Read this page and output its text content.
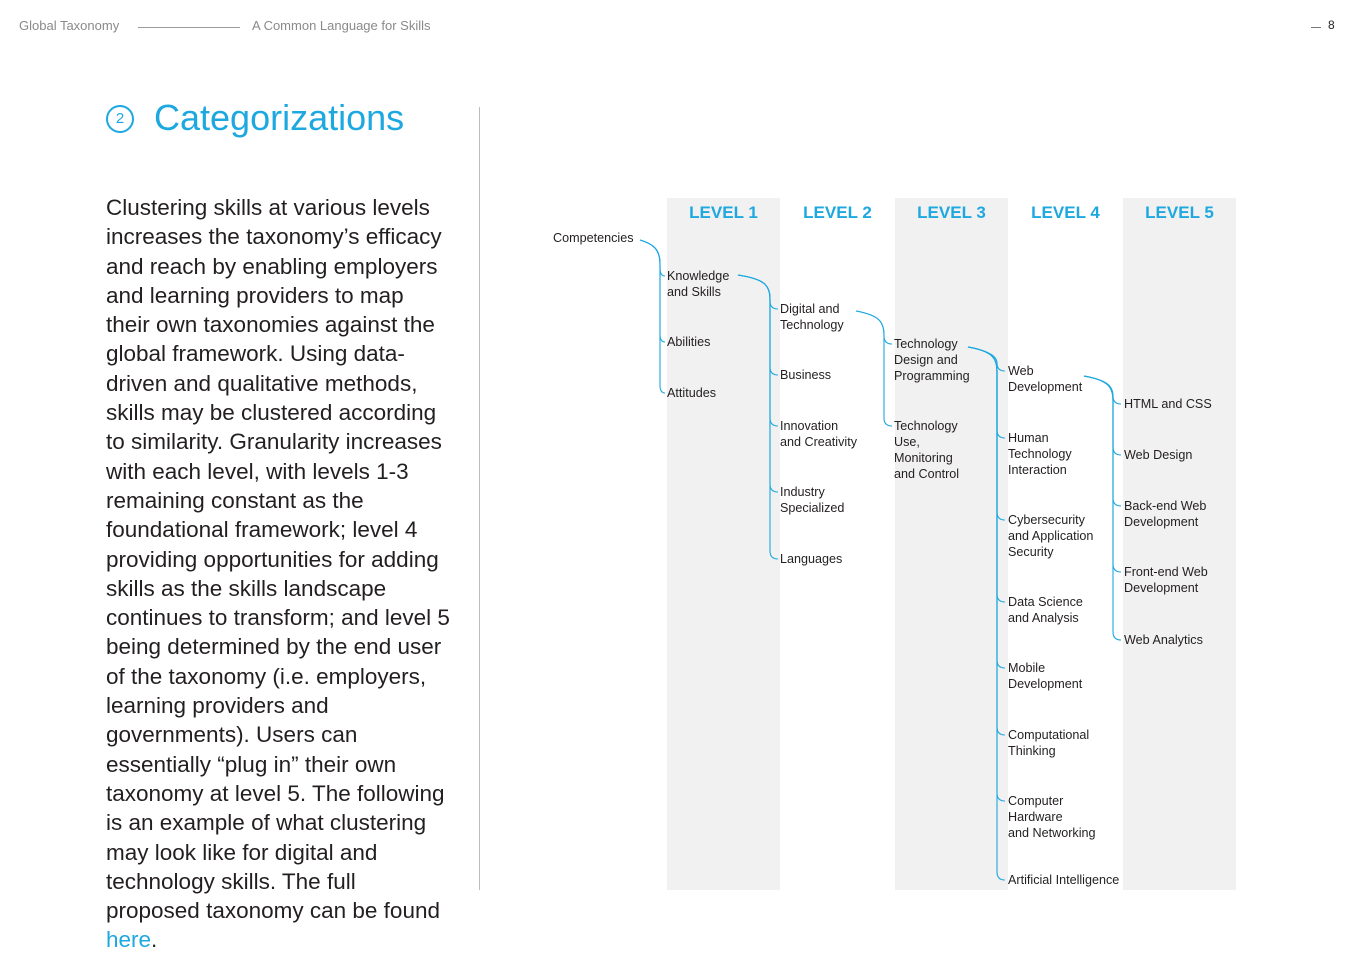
Global Taxonomy	A Common Language for Skills	8
2 Categorizations

Clustering skills at various levels increases the taxonomy’s efficacy and reach by enabling employers and learning providers to map their own taxonomies against the global framework. Using data-driven and qualitative methods, skills may be clustered according to similarity. Granularity increases with each level, with levels 1-3 remaining constant as the foundational framework; level 4 providing opportunities for adding skills as the skills landscape continues to transform; and level 5 being determined by the end user of the taxonomy (i.e. employers, learning providers and governments). Users can essentially “plug in” their own taxonomy at level 5. The following is an example of what clustering may look like for digital and technology skills. The full proposed taxonomy can be found here.

LEVEL 1	LEVEL 2	LEVEL 3	LEVEL 4	LEVEL 5
Competencies
Knowledge
and Skills
Abilities
Attitudes
Digital and
Technology
Business
Innovation
and Creativity
Industry
Specialized
Languages
Technology
Design and
Programming
Technology
Use,
Monitoring
and Control
Web
Development
Human
Technology
Interaction
Cybersecurity
and Application
Security
Data Science
and Analysis
Mobile
Development
Computational
Thinking
Computer
Hardware
and Networking
Artificial Intelligence
HTML and CSS
Web Design
Back-end Web
Development
Front-end Web
Development
Web Analytics
